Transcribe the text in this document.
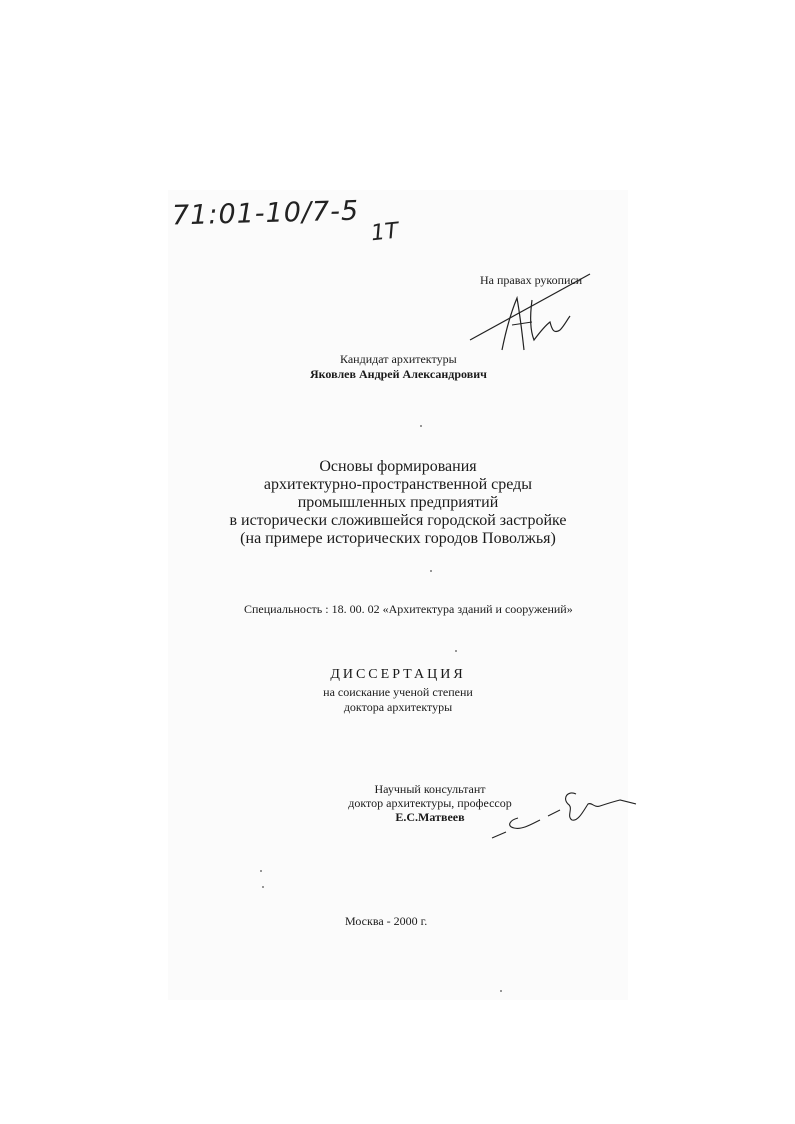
71:01-10/7-5
1Т
На правах рукописи
Кандидат архитектуры
Яковлев Андрей Александрович
Основы формирования
архитектурно-пространственной среды
промышленных предприятий
в исторически сложившейся городской застройке
(на примере исторических городов Поволжья)
Специальность : 18. 00. 02 «Архитектура зданий и сооружений»
ДИССЕРТАЦИЯ
на соискание ученой степени
доктора архитектуры
Научный консультант
доктор архитектуры, профессор
Е.С.Матвеев
Москва - 2000 г.
